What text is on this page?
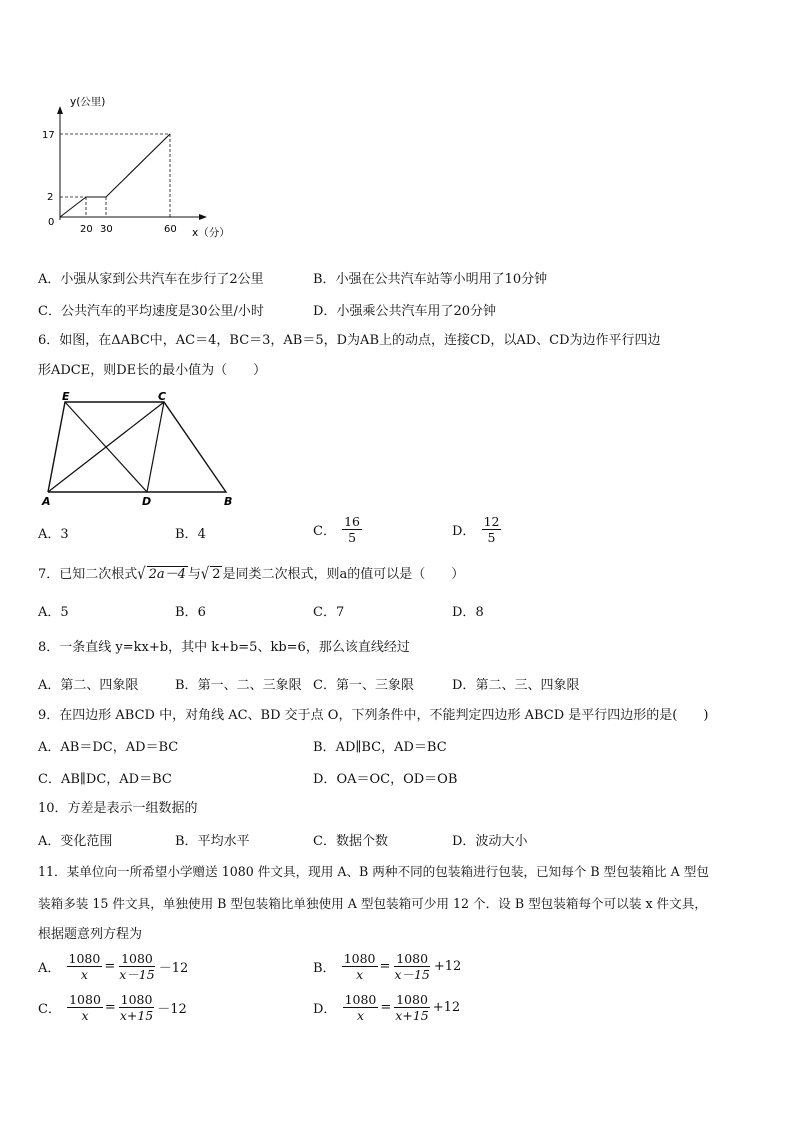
y(公里)
x（分）
17
2
0
20 30	60
A．小强从家到公共汽车在步行了2公里	B．小强在公共汽车站等小明用了10分钟
C．公共汽车的平均速度是30公里/小时	D．小强乘公共汽车用了20分钟
6．如图，在ΔABC中，AC＝4，BC＝3，AB＝5，D为AB上的动点，连接CD，以AD、CD为边作平行四边
形ADCE，则DE长的最小值为（　　）
E	C
A	D	B
A．3	B．4	C． $\frac{16}{5}$	D． $\frac{12}{5}$
7．已知二次根式√ 2a－4 与√ 2 是同类二次根式，则a的值可以是（　　）
A．5	B．6	C．7	D．8
8．一条直线 y=kx+b，其中 k+b=5、kb=6，那么该直线经过
A．第二、四象限	B．第一、二、三象限 C．第一、三象限	D．第二、三、四象限
9．在四边形 ABCD 中，对角线 AC、BD 交于点 O，下列条件中，不能判定四边形 ABCD 是平行四边形的是(　　)
A．AB＝DC，AD＝BC	B．AD∥BC，AD＝BC
C．AB∥DC，AD＝BC	D．OA＝OC，OD＝OB
10．方差是表示一组数据的
A．变化范围	B．平均水平	C．数据个数	D．波动大小
11．某单位向一所希望小学赠送 1080 件文具，现用 A、B 两种不同的包装箱进行包装，已知每个 B 型包装箱比 A 型包
装箱多装 15 件文具，单独使用 B 型包装箱比单独使用 A 型包装箱可少用 12 个．设 B 型包装箱每个可以装 x 件文具，
根据题意列方程为
A． $\frac{1080}{x} = \frac{1080}{x-15} -12$	B． $\frac{1080}{x} = \frac{1080}{x-15} +12$
C． $\frac{1080}{x} = \frac{1080}{x+15} -12$	D． $\frac{1080}{x} = \frac{1080}{x+15} +12$
